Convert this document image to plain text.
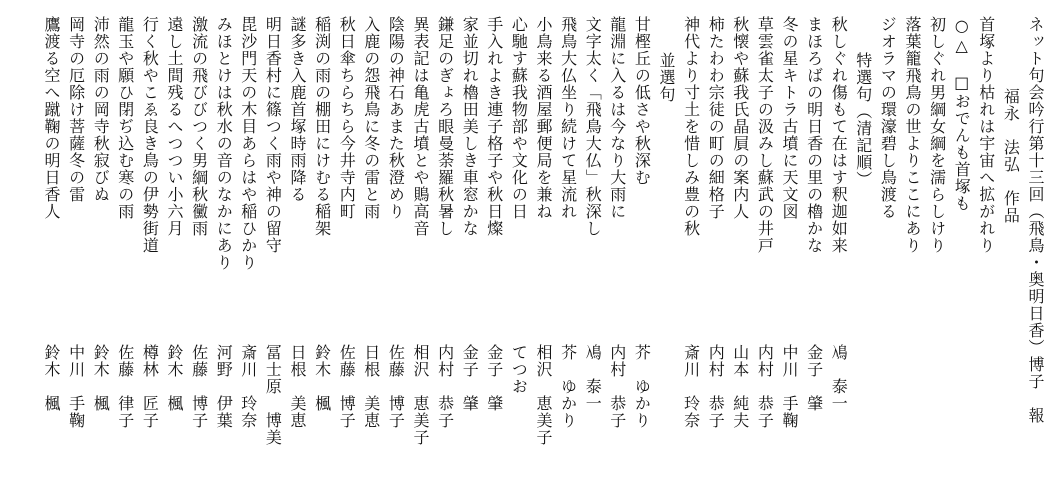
ネット句会吟行第十三回（飛鳥・奥明日香）博子　報
福永　法弘　作品
首塚より枯れは宇宙へ拡がれり
○△　□おでんも首塚も
初しぐれ男綱女綱を濡らしけり
落葉籠飛鳥の世よりここにあり
ジオラマの環濠碧し鳥渡る
特選句（清記順）
秋しぐれ傷もて在はす釈迦如来
鳰　泰一
まほろばの明日香の里の櫓かな
金子　肇
冬の星キトラ古墳に天文図
中川　手鞠
草雲雀太子の汲みし蘇武の井戸
内村　恭子
秋懐や蘇我氏晶屓の案内人
山本　純夫
柿たわわ宗徒の町の細格子
内村　恭子
神代より寸土を惜しみ豊の秋
斎川　玲奈
並選句
甘樫丘の低さや秋深む
芥　ゆかり
龍淵に入るは今なり大雨に
内村　恭子
文字太く「飛鳥大仏」秋深し
鳰　泰一
飛鳥大仏坐り続けて星流れ
芥　ゆかり
小鳥来る酒屋郵便局を兼ね
相沢　恵美子
心馳す蘇我物部や文化の日
てつお
手入れよき連子格子や秋日燦
金子　肇
家並切れ櫓田美しき車窓かな
金子　肇
鎌足のぎょろ眼曼荼羅秋暑し
内村　恭子
異表記は亀虎古墳とや鵙高音
相沢　恵美子
陰陽の神石あまた秋澄めり
佐藤　博子
入鹿の怨飛鳥に冬の雷と雨
日根　美恵
秋日傘ちらちら今井寺内町
佐藤　博子
稲渕の雨の棚田にけむる稲架
鈴木　楓
謎多き入鹿首塚時雨降る
日根　美恵
明日香村に篠つく雨や神の留守
冨士原　博美
毘沙門天の木目あらはや稲ひかり
斎川　玲奈
みほとけは秋水の音のなかにあり
河野　伊葉
激流の飛びびつく男綱秋黴雨
佐藤　博子
遠し土間残るへつつい小六月
鈴木　楓
行く秋やこゑ良き鳥の伊勢街道
樽林　匠子
龍玉や願ひ閉ぢ込む寒の雨
佐藤　律子
沛然の雨の岡寺秋寂びぬ
鈴木　楓
岡寺の厄除け菩薩冬の雷
中川　手鞠
鷹渡る空へ蹴鞠の明日香人
鈴木　楓
